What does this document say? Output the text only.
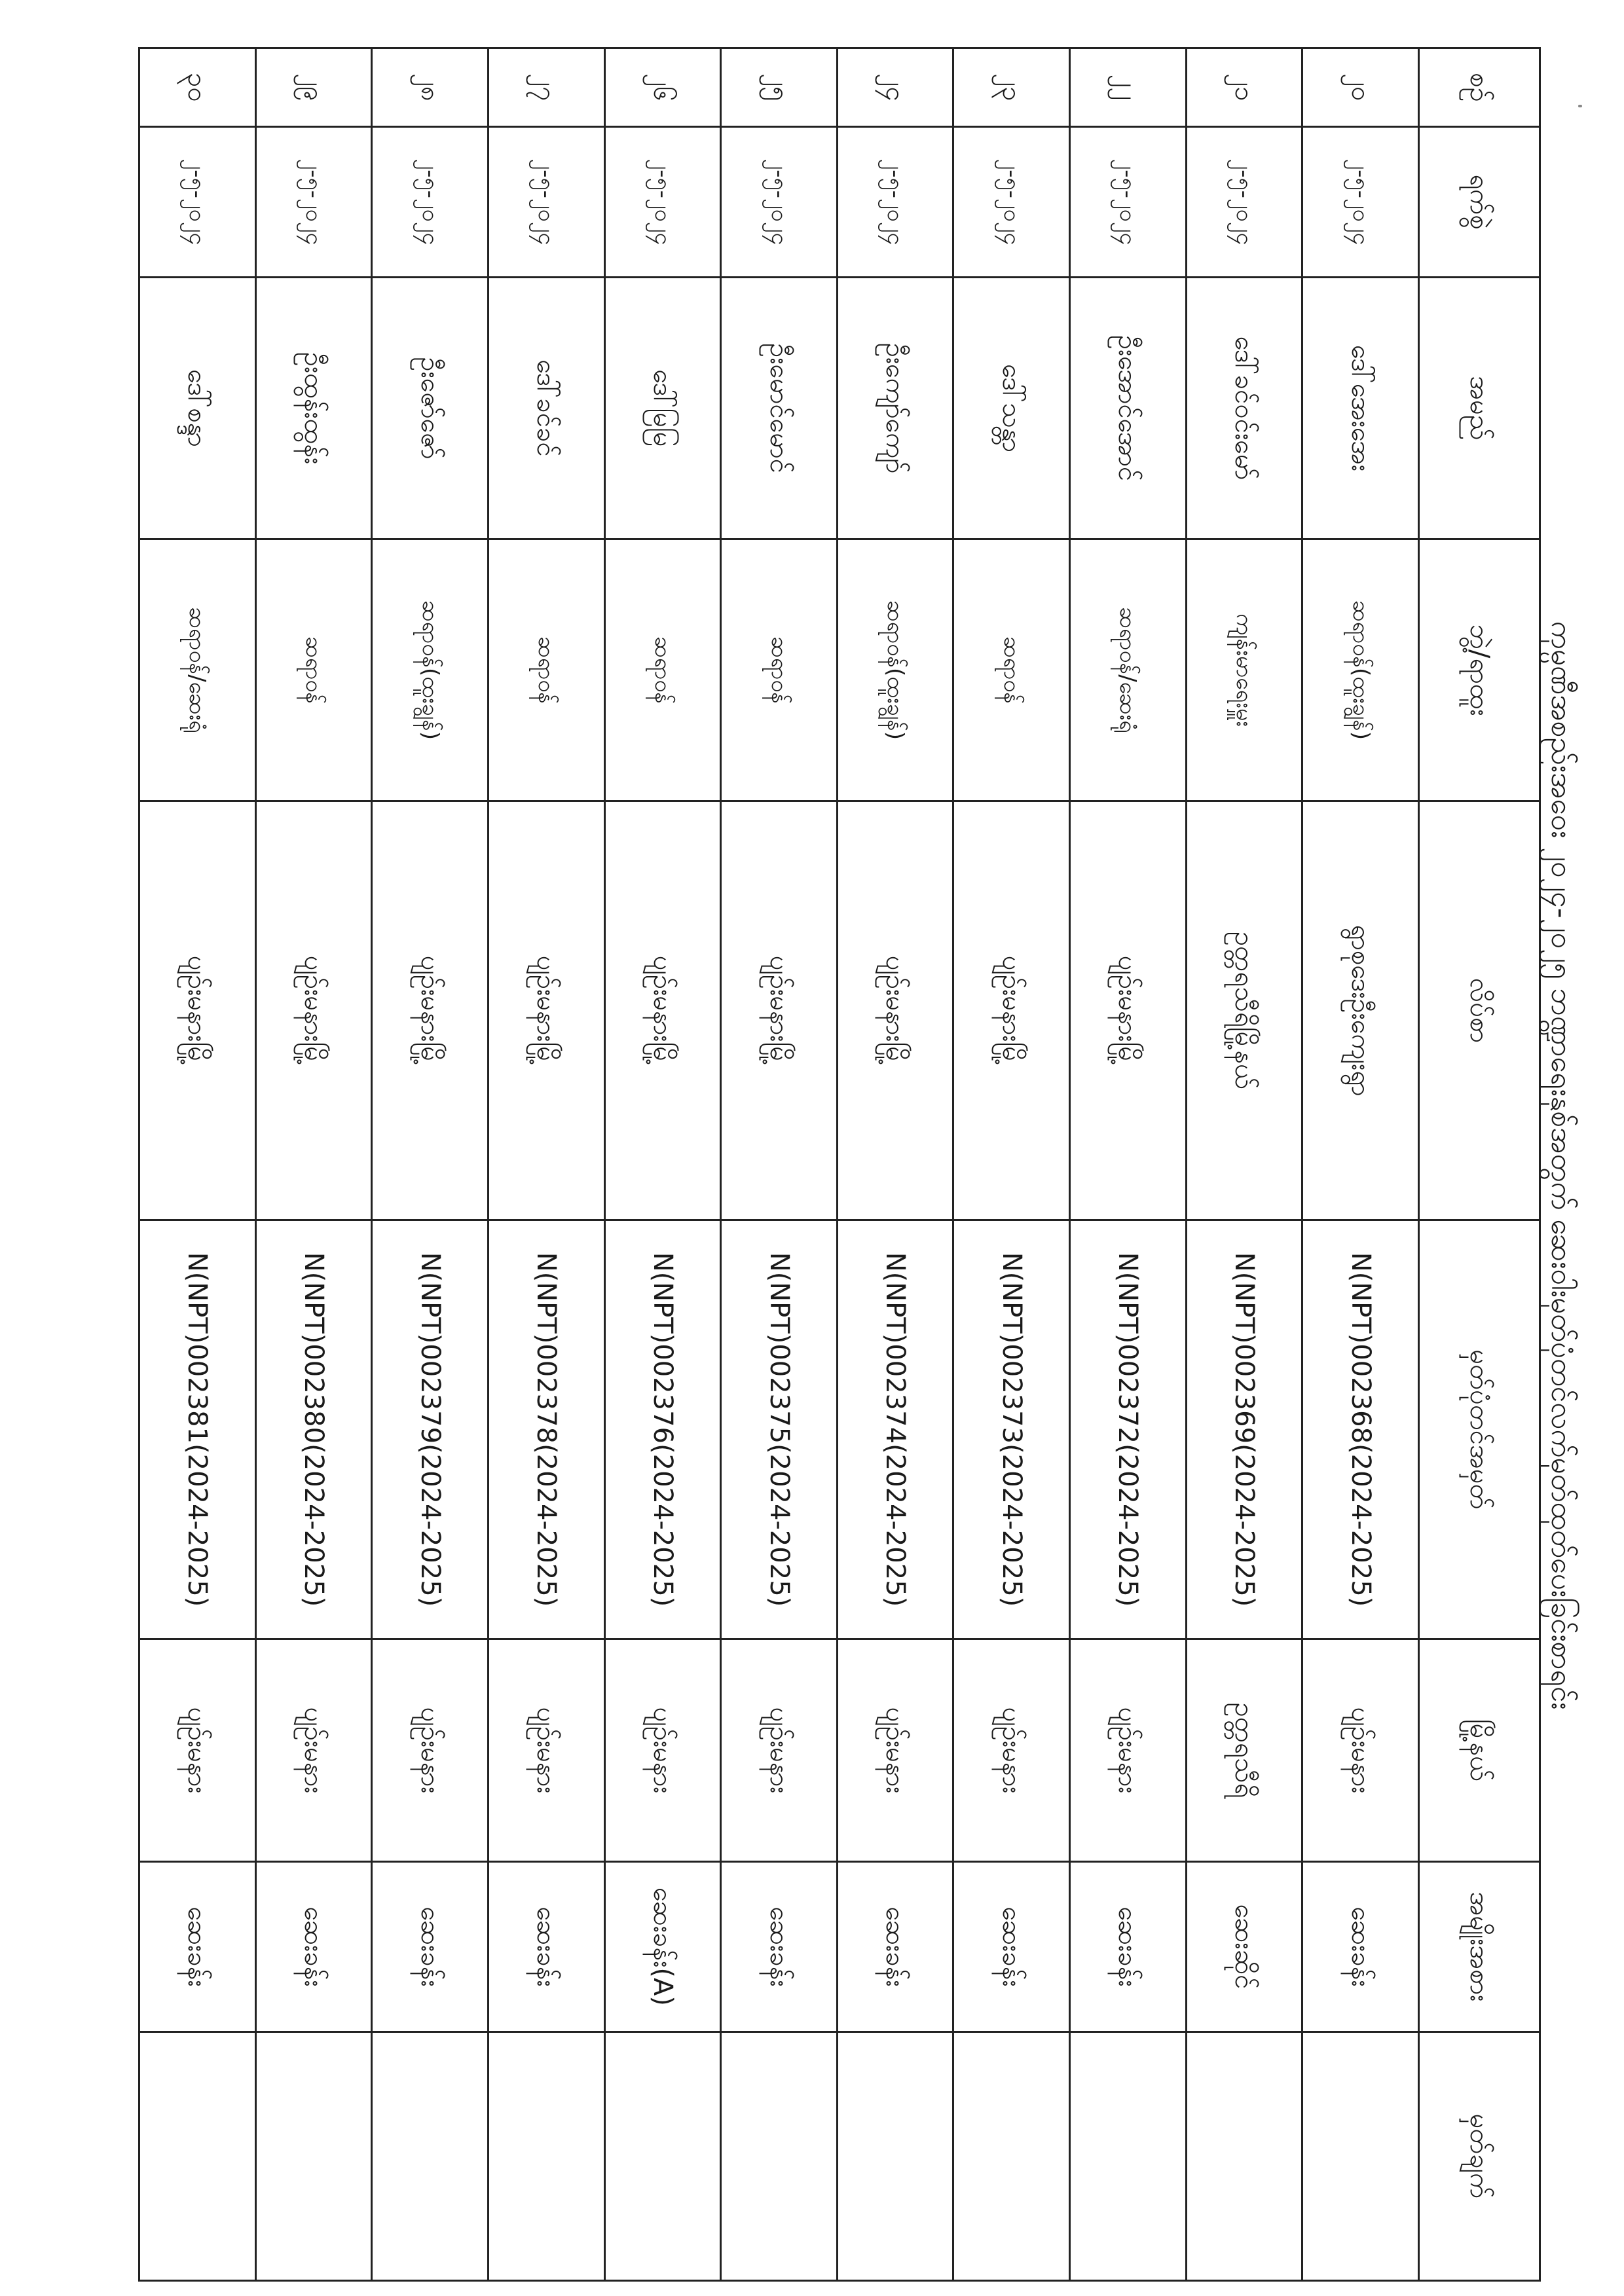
ကုမ္ပဏီအစည်းအဝေး ၂၀၂၄-၂၀၂၅ ဘဏ္ဍာရေးနှစ်အတွက် ဆေးဝါးမှတ်ပုံတင်လက်မှတ်ထုတ်ပေးခြင်းစာရင်း
စဉ်	ရက်စွဲ	အမည်	ဘွဲ့/ရာထူး	လိပ်စာ	မှတ်ပုံတင်အမှတ်	မြို့နယ်	အမျိုးအစား	မှတ်ချက်
၂၀	၂-၅-၂၀၂၄	ဒေါ်အေးအေး	ဆရာဝန်(ထူးချွန်)	ရွာစုဒေးဦးကျေးရွာ	N(NPT)002368(2024-2025)	ပျဉ်းမနား	ဆေးခန်း	
၂၁	၂-၅-၂၀၂၄	ဒေါ်ခင်ဝင်းမော်	ကျန်းမာရေးမှူး	ဥတ္တရသီရိမြို့နယ်	N(NPT)002369(2024-2025)	ဥတ္တရသီရိ	ဆေးဆိုင်	
၂၂	၂-၅-၂၀၂၄	ဦးအောင်အောင်	ဆရာဝန်/ဆေးရုံ	ပျဉ်းမနားမြို့	N(NPT)002372(2024-2025)	ပျဉ်းမနား	ဆေးခန်း	
၂၃	၂-၅-၂၀၂၄	ဒေါ်သန္တာ	ဆရာဝန်	ပျဉ်းမနားမြို့	N(NPT)002373(2024-2025)	ပျဉ်းမနား	ဆေးခန်း	
၂၄	၂-၅-၂၀၂၄	ဦးကျော်ကျော်	ဆရာဝန်(ထူးချွန်)	ပျဉ်းမနားမြို့	N(NPT)002374(2024-2025)	ပျဉ်းမနား	ဆေးခန်း	
၂၅	၂-၅-၂၀၂၄	ဦးမောင်မောင်	ဆရာဝန်	ပျဉ်းမနားမြို့	N(NPT)002375(2024-2025)	ပျဉ်းမနား	ဆေးခန်း	
၂၆	၂-၅-၂၀၂၄	ဒေါ်မြမြ	ဆရာဝန်	ပျဉ်းမနားမြို့	N(NPT)002376(2024-2025)	ပျဉ်းမနား	ဆေးခန်း(A)	
၂၇	၂-၅-၂၀၂၄	ဒေါ်ခင်ခင်	ဆရာဝန်	ပျဉ်းမနားမြို့	N(NPT)002378(2024-2025)	ပျဉ်းမနား	ဆေးခန်း	
၂၈	၂-၅-၂၀၂၄	ဦးဇော်ဇော်	ဆရာဝန်(ထူးချွန်)	ပျဉ်းမနားမြို့	N(NPT)002379(2024-2025)	ပျဉ်းမနား	ဆေးခန်း	
၂၉	၂-၅-၂၀၂၄	ဦးထွန်းထွန်း	ဆရာဝန်	ပျဉ်းမနားမြို့	N(NPT)002380(2024-2025)	ပျဉ်းမနား	ဆေးခန်း	
၃၀	၂-၅-၂၀၂၄	ဒေါ်စန္ဒာ	ဆရာဝန်/ဆေးရုံ	ပျဉ်းမနားမြို့	N(NPT)002381(2024-2025)	ပျဉ်းမနား	ဆေးခန်း	
